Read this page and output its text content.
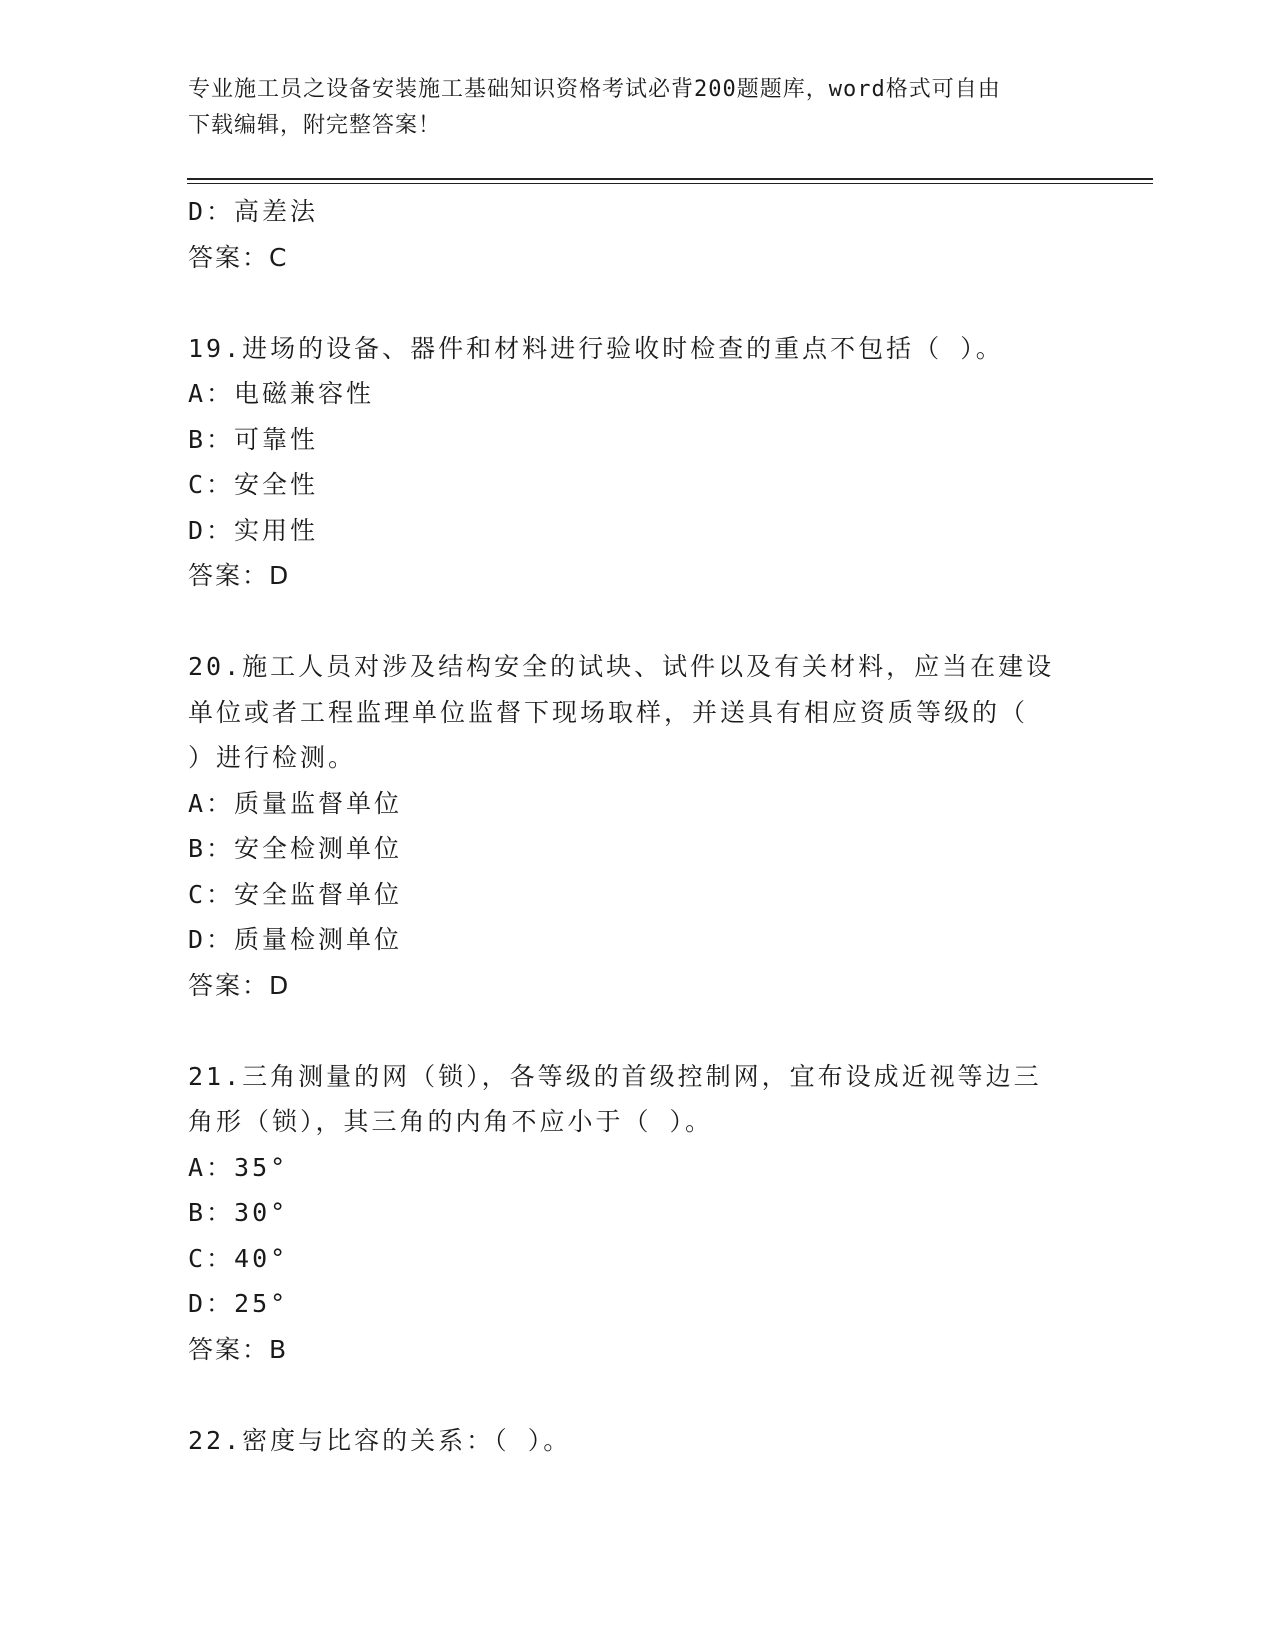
专业施工员之设备安装施工基础知识资格考试必背200题题库，word格式可自由
下载编辑，附完整答案！
D：高差法
答案：C
19.进场的设备、器件和材料进行验收时检查的重点不包括（ ）。
A：电磁兼容性
B：可靠性
C：安全性
D：实用性
答案：D
20.施工人员对涉及结构安全的试块、试件以及有关材料，应当在建设
单位或者工程监理单位监督下现场取样，并送具有相应资质等级的（
）进行检测。
A：质量监督单位
B：安全检测单位
C：安全监督单位
D：质量检测单位
答案：D
21.三角测量的网（锁），各等级的首级控制网，宜布设成近视等边三
角形（锁），其三角的内角不应小于（ ）。
A：35°
B：30°
C：40°
D：25°
答案：B
22.密度与比容的关系：（ ）。
